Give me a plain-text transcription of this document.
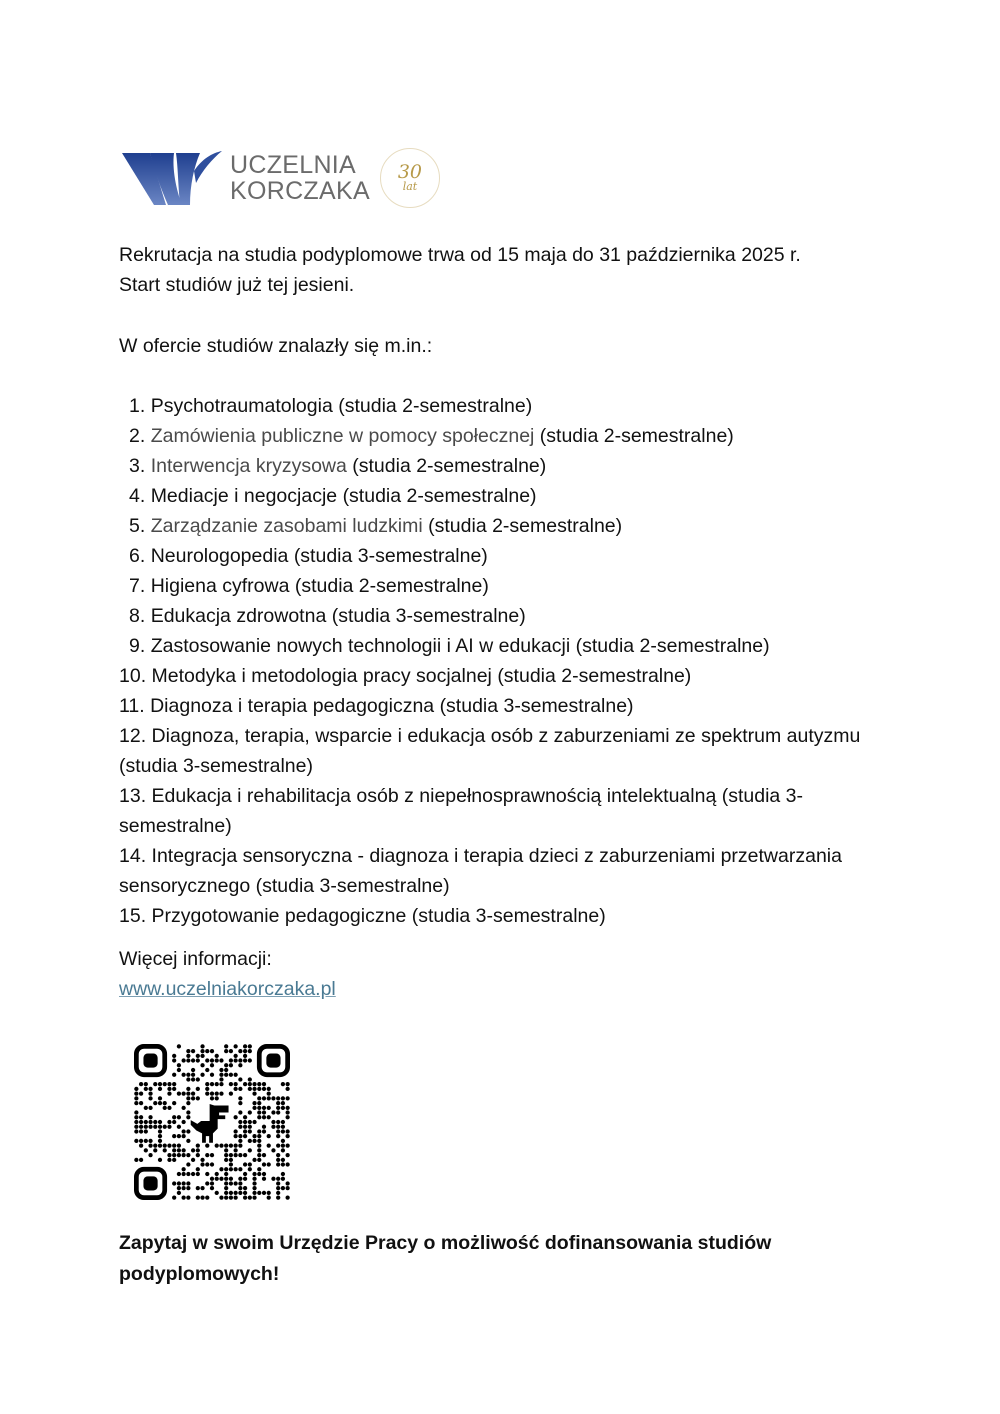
UCZELNIA
KORCZAKA
30
lat
Rekrutacja na studia podyplomowe trwa od 15 maja do 31 października 2025 r.
Start studiów już tej jesieni.
W ofercie studiów znalazły się m.in.:
1. Psychotraumatologia (studia 2-semestralne)
2. Zamówienia publiczne w pomocy społecznej (studia 2-semestralne)
3. Interwencja kryzysowa (studia 2-semestralne)
4. Mediacje i negocjacje (studia 2-semestralne)
5. Zarządzanie zasobami ludzkimi (studia 2-semestralne)
6. Neurologopedia (studia 3-semestralne)
7. Higiena cyfrowa (studia 2-semestralne)
8. Edukacja zdrowotna (studia 3-semestralne)
9. Zastosowanie nowych technologii i AI w edukacji (studia 2-semestralne)
10. Metodyka i metodologia pracy socjalnej (studia 2-semestralne)
11. Diagnoza i terapia pedagogiczna (studia 3-semestralne)
12. Diagnoza, terapia, wsparcie i edukacja osób z zaburzeniami ze spektrum autyzmu (studia 3-semestralne)
13. Edukacja i rehabilitacja osób z niepełnosprawnością intelektualną (studia 3-semestralne)
14. Integracja sensoryczna - diagnoza i terapia dzieci z zaburzeniami przetwarzania sensorycznego (studia 3-semestralne)
15. Przygotowanie pedagogiczne (studia 3-semestralne)
Więcej informacji:
www.uczelniakorczaka.pl
Zapytaj w swoim Urzędzie Pracy o możliwość dofinansowania studiów podyplomowych!
